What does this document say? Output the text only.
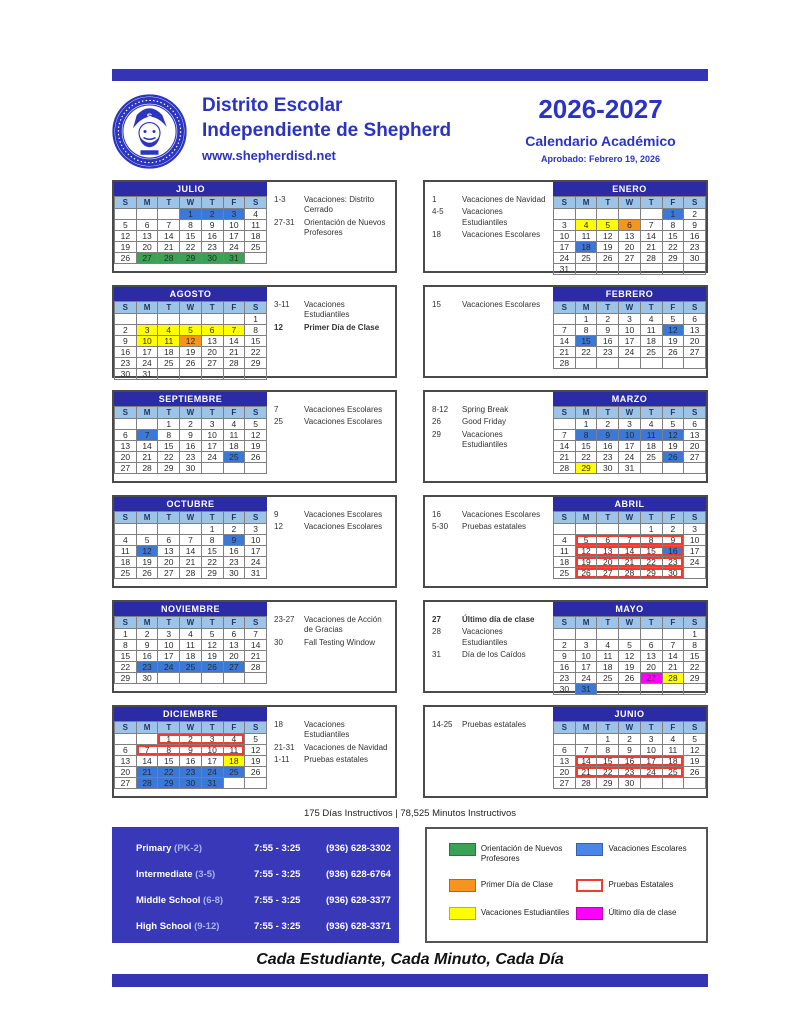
S
Distrito Escolar
Independiente de Shepherd
www.shepherdisd.net
2026-2027
Calendario Académico
Aprobado: Febrero 19, 2026
JULIO
S	M	T	W	T	F	S
			1	2	3	4
5	6	7	8	9	10	11
12	13	14	15	16	17	18
19	20	21	22	23	24	25
26	27	28	29	30	31	
1-3	Vacaciones: Distrito Cerrado
27-31	Orientación de Nuevos Profesores
1	Vacaciones de Navidad
4-5	Vacaciones Estudiantiles
18	Vacaciones Escolares
ENERO
S	M	T	W	T	F	S
					1	2
3	4	5	6	7	8	9
10	11	12	13	14	15	16
17	18	19	20	21	22	23
24	25	26	27	28	29	30
31						
AGOSTO
S	M	T	W	T	F	S
						1
2	3	4	5	6	7	8
9	10	11	12	13	14	15
16	17	18	19	20	21	22
23	24	25	26	27	28	29
30	31					
3-11	Vacaciones Estudiantiles
12	Primer Día de Clase
15	Vacaciones Escolares
FEBRERO
S	M	T	W	T	F	S
	1	2	3	4	5	6
7	8	9	10	11	12	13
14	15	16	17	18	19	20
21	22	23	24	25	26	27
28						
SEPTIEMBRE
S	M	T	W	T	F	S
		1	2	3	4	5
6	7	8	9	10	11	12
13	14	15	16	17	18	19
20	21	22	23	24	25	26
27	28	29	30			
7	Vacaciones Escolares
25	Vacaciones Escolares
8-12	Spring Break
26	Good Friday
29	Vacaciones Estudiantiles
MARZO
S	M	T	W	T	F	S
	1	2	3	4	5	6
7	8	9	10	11	12	13
14	15	16	17	18	19	20
21	22	23	24	25	26	27
28	29	30	31			
OCTUBRE
S	M	T	W	T	F	S
				1	2	3
4	5	6	7	8	9	10
11	12	13	14	15	16	17
18	19	20	21	22	23	24
25	26	27	28	29	30	31
9	Vacaciones Escolares
12	Vacaciones Escolares
16	Vacaciones Escolares
5-30	Pruebas estatales
ABRIL
S	M	T	W	T	F	S
				1	2	3
4	5	6	7	8	9	10
11	12	13	14	15	16	17
18	19	20	21	22	23	24
25	26	27	28	29	30	
NOVIEMBRE
S	M	T	W	T	F	S
1	2	3	4	5	6	7
8	9	10	11	12	13	14
15	16	17	18	19	20	21
22	23	24	25	26	27	28
29	30					
23-27	Vacaciones de Acción de Gracias
30	Fall Testing Window
27	Último día de clase
28	Vacaciones Estudiantiles
31	Día de los Caídos
MAYO
S	M	T	W	T	F	S
						1
2	3	4	5	6	7	8
9	10	11	12	13	14	15
16	17	18	19	20	21	22
23	24	25	26	27	28	29
30	31					
DICIEMBRE
S	M	T	W	T	F	S
		1	2	3	4	5
6	7	8	9	10	11	12
13	14	15	16	17	18	19
20	21	22	23	24	25	26
27	28	29	30	31		
18	Vacaciones Estudiantiles
21-31	Vacaciones de Navidad
1-11	Pruebas estatales
14-25	Pruebas estatales
JUNIO
S	M	T	W	T	F	S
		1	2	3	4	5
6	7	8	9	10	11	12
13	14	15	16	17	18	19
20	21	22	23	24	25	26
27	28	29	30			
175 Días Instructivos | 78,525 Minutos Instructivos
Primary (PK-2)	7:55 - 3:25	(936) 628-3302
Intermediate (3-5)	7:55 - 3:25	(936) 628-6764
Middle School (6-8)	7:55 - 3:25	(936) 628-3377
High School (9-12)	7:55 - 3:25	(936) 628-3371
Orientación de Nuevos Profesores
Vacaciones Escolares
Primer Día de Clase	Pruebas Estatales
Vacaciones Estudiantiles	Último día de clase
Cada Estudiante, Cada Minuto, Cada Día
